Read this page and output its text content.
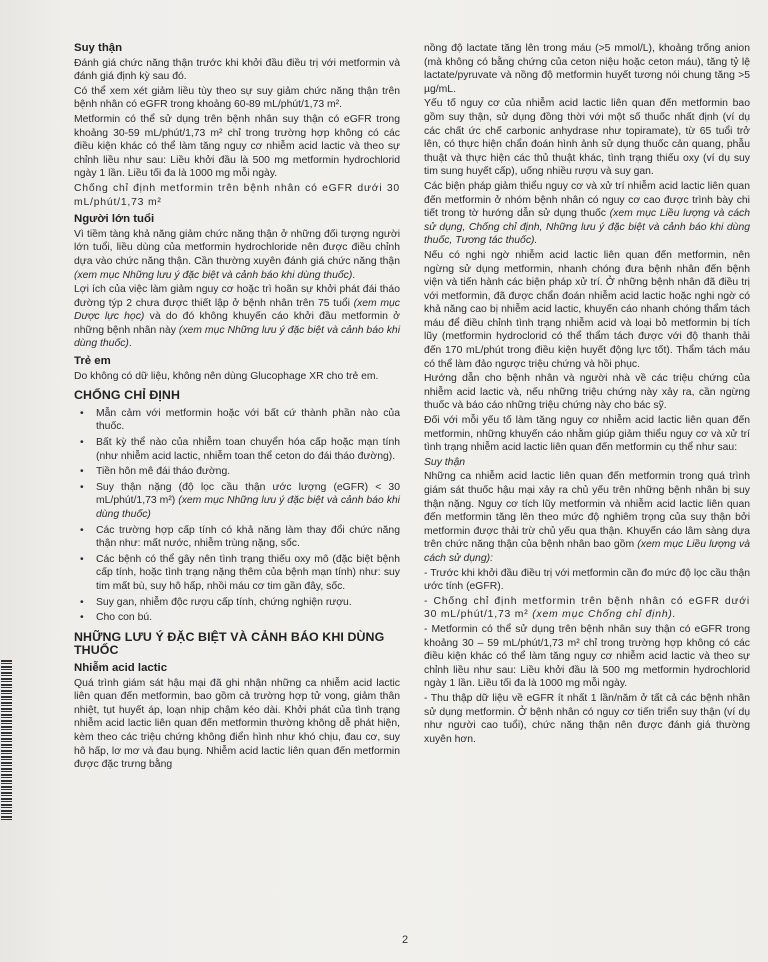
Suy thận

Đánh giá chức năng thận trước khi khởi đầu điều trị với metformin và đánh giá định kỳ sau đó.

Có thể xem xét giảm liều tùy theo sự suy giảm chức năng thận trên bệnh nhân có eGFR trong khoảng 60-89 mL/phút/1,73 m².

Metformin có thể sử dụng trên bệnh nhân suy thận có eGFR trong khoảng 30-59 mL/phút/1,73 m² chỉ trong trường hợp không có các điều kiện khác có thể làm tăng nguy cơ nhiễm acid lactic và theo sự chỉnh liều như sau: Liều khởi đầu là 500 mg metformin hydrochlorid ngày 1 lần. Liều tối đa là 1000 mg mỗi ngày.

Chống chỉ định metformin trên bệnh nhân có eGFR dưới 30 mL/phút/1,73 m²

Người lớn tuổi

Vì tiềm tàng khả năng giảm chức năng thận ở những đối tượng người lớn tuổi, liều dùng của metformin hydrochloride nên được điều chỉnh dựa vào chức năng thận. Cần thường xuyên đánh giá chức năng thận (xem mục Những lưu ý đặc biệt và cảnh báo khi dùng thuốc).

Lợi ích của việc làm giảm nguy cơ hoặc trì hoãn sự khởi phát đái tháo đường týp 2 chưa được thiết lập ở bệnh nhân trên 75 tuổi (xem mục Dược lực học) và do đó không khuyến cáo khởi đầu metformin ở những bệnh nhân này (xem mục Những lưu ý đặc biệt và cảnh báo khi dùng thuốc).

Trẻ em

Do không có dữ liệu, không nên dùng Glucophage XR cho trẻ em.

CHỐNG CHỈ ĐỊNH
• Mẫn cảm với metformin hoặc với bất cứ thành phần nào của thuốc.
• Bất kỳ thể nào của nhiễm toan chuyển hóa cấp hoặc mạn tính (như nhiễm acid lactic, nhiễm toan thể ceton do đái tháo đường).
• Tiền hôn mê đái tháo đường.
• Suy thận nặng (độ lọc cầu thận ước lượng (eGFR) < 30 mL/phút/1,73 m²) (xem mục Những lưu ý đặc biệt và cảnh báo khi dùng thuốc)
• Các trường hợp cấp tính có khả năng làm thay đổi chức năng thận như: mất nước, nhiễm trùng nặng, sốc.
• Các bệnh có thể gây nên tình trạng thiếu oxy mô (đặc biệt bệnh cấp tính, hoặc tình trạng nặng thêm của bệnh mạn tính) như: suy tim mất bù, suy hô hấp, nhồi máu cơ tim gần đây, sốc.
• Suy gan, nhiễm độc rượu cấp tính, chứng nghiện rượu.
• Cho con bú.
NHỮNG LƯU Ý ĐẶC BIỆT VÀ CẢNH BÁO KHI DÙNG THUỐC
Nhiễm acid lactic

Quá trình giám sát hậu mại đã ghi nhận những ca nhiễm acid lactic liên quan đến metformin, bao gồm cả trường hợp tử vong, giảm thân nhiệt, tụt huyết áp, loạn nhịp chậm kéo dài. Khởi phát của tình trạng nhiễm acid lactic liên quan đến metformin thường không dễ phát hiện, kèm theo các triệu chứng không điển hình như khó chịu, đau cơ, suy hô hấp, lơ mơ và đau bụng. Nhiễm acid lactic liên quan đến metformin được đặc trưng bằng

nồng độ lactate tăng lên trong máu (>5 mmol/L), khoảng trống anion (mà không có bằng chứng của ceton niệu hoặc ceton máu), tăng tỷ lệ lactate/pyruvate và nồng độ metformin huyết tương nói chung tăng >5 µg/mL.

Yếu tố nguy cơ của nhiễm acid lactic liên quan đến metformin bao gồm suy thận, sử dụng đồng thời với một số thuốc nhất định (ví dụ các chất ức chế carbonic anhydrase như topiramate), từ 65 tuổi trở lên, có thực hiện chẩn đoán hình ảnh sử dụng thuốc cản quang, phẫu thuật và thực hiện các thủ thuật khác, tình trạng thiếu oxy (ví dụ suy tim sung huyết cấp), uống nhiều rượu và suy gan.

Các biện pháp giảm thiểu nguy cơ và xử trí nhiễm acid lactic liên quan đến metformin ở nhóm bệnh nhân có nguy cơ cao được trình bày chi tiết trong tờ hướng dẫn sử dụng thuốc (xem mục Liều lượng và cách sử dụng, Chống chỉ định, Những lưu ý đặc biệt và cảnh báo khi dùng thuốc, Tương tác thuốc).

Nếu có nghi ngờ nhiễm acid lactic liên quan đến metformin, nên ngừng sử dụng metformin, nhanh chóng đưa bệnh nhân đến bệnh viện và tiến hành các biện pháp xử trí. Ở những bệnh nhân đã điều trị với metformin, đã được chẩn đoán nhiễm acid lactic hoặc nghi ngờ có khả năng cao bị nhiễm acid lactic, khuyến cáo nhanh chóng thẩm tách máu để điều chỉnh tình trạng nhiễm acid và loại bỏ metformin bị tích lũy (metformin hydroclorid có thể thẩm tách được với độ thanh thải đến 170 mL/phút trong điều kiện huyết động lực tốt). Thẩm tách máu có thể làm đảo ngược triệu chứng và hồi phục.

Hướng dẫn cho bệnh nhân và người nhà về các triệu chứng của nhiễm acid lactic và, nếu những triệu chứng này xảy ra, cần ngừng thuốc và báo cáo những triệu chứng này cho bác sỹ.

Đối với mỗi yếu tố làm tăng nguy cơ nhiễm acid lactic liên quan đến metformin, những khuyến cáo nhằm giúp giảm thiểu nguy cơ và xử trí tình trạng nhiễm acid lactic liên quan đến metformin cụ thể như sau:

Suy thận

Những ca nhiễm acid lactic liên quan đến metformin trong quá trình giám sát thuốc hậu mại xảy ra chủ yếu trên những bệnh nhân bị suy thận nặng. Nguy cơ tích lũy metformin và nhiễm acid lactic liên quan đến metformin tăng lên theo mức độ nghiêm trọng của suy thận bởi metformin được thải trừ chủ yếu qua thận. Khuyến cáo lâm sàng dựa trên chức năng thận của bệnh nhân bao gồm (xem mục Liều lượng và cách sử dụng):

- Trước khi khởi đầu điều trị với metformin cần đo mức độ lọc cầu thận ước tính (eGFR).

- Chống chỉ định metformin trên bệnh nhân có eGFR dưới 30 mL/phút/1,73 m² (xem mục Chống chỉ định).

- Metformin có thể sử dụng trên bệnh nhân suy thận có eGFR trong khoảng 30 – 59 mL/phút/1,73 m² chỉ trong trường hợp không có các điều kiện khác có thể làm tăng nguy cơ nhiễm acid lactic và theo sự chỉnh liều như sau: Liều khởi đầu là 500 mg metformin hydrochlorid ngày 1 lần. Liều tối đa là 1000 mg mỗi ngày.

- Thu thập dữ liệu về eGFR ít nhất 1 lần/năm ở tất cả các bệnh nhân sử dụng metformin. Ở bệnh nhân có nguy cơ tiến triển suy thận (ví dụ như người cao tuổi), chức năng thận nên được đánh giá thường xuyên hơn.

2
